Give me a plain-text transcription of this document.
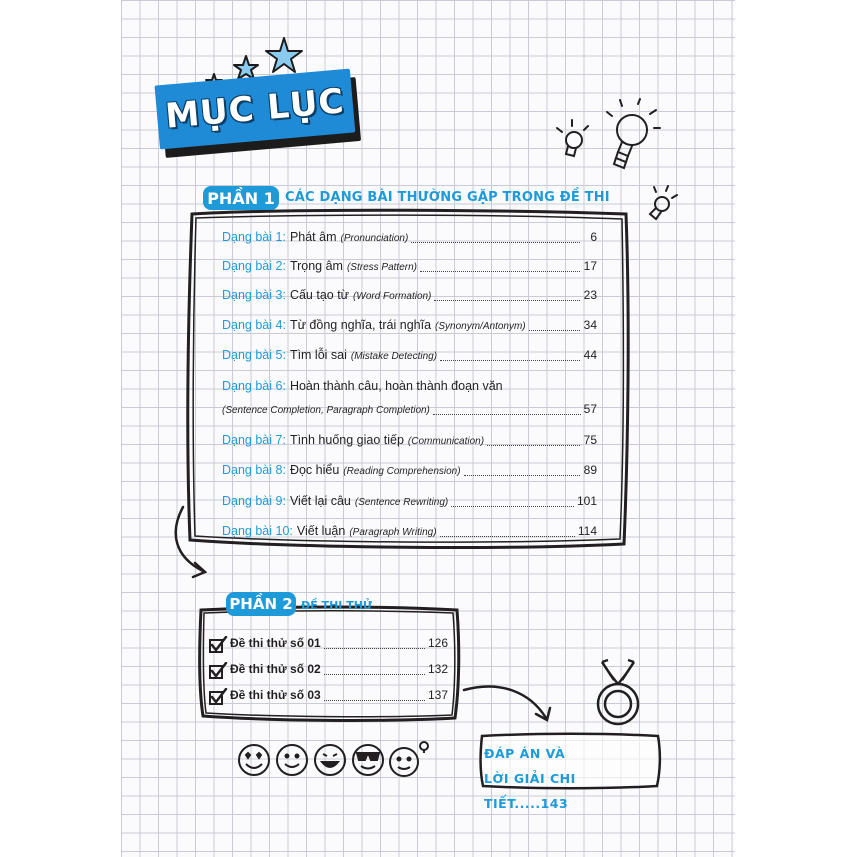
MỤC LỤC
PHẦN 1 CÁC DẠNG BÀI THƯỜNG GẶP TRONG ĐỀ THI
Dạng bài 1: Phát âm (Pronunciation)	6
Dạng bài 2: Trọng âm (Stress Pattern)	17
Dạng bài 3: Cấu tạo từ (Word Formation)	23
Dạng bài 4: Từ đồng nghĩa, trái nghĩa (Synonym/Antonym)	34
Dạng bài 5: Tìm lỗi sai (Mistake Detecting)	44
Dạng bài 6: Hoàn thành câu, hoàn thành đoạn văn
(Sentence Completion, Paragraph Completion)	57
Dạng bài 7: Tình huống giao tiếp (Communication)	75
Dạng bài 8: Đọc hiểu (Reading Comprehension)	89
Dạng bài 9: Viết lại câu (Sentence Rewriting)	101
Dạng bài 10: Viết luận (Paragraph Writing)	114
PHẦN 2 ĐỀ THI THỬ
Đề thi thử số 01	126
Đề thi thử số 02	132
Đề thi thử số 03	137
ĐÁP ÁN VÀ
LỜI GIẢI CHI TIẾT.....143
